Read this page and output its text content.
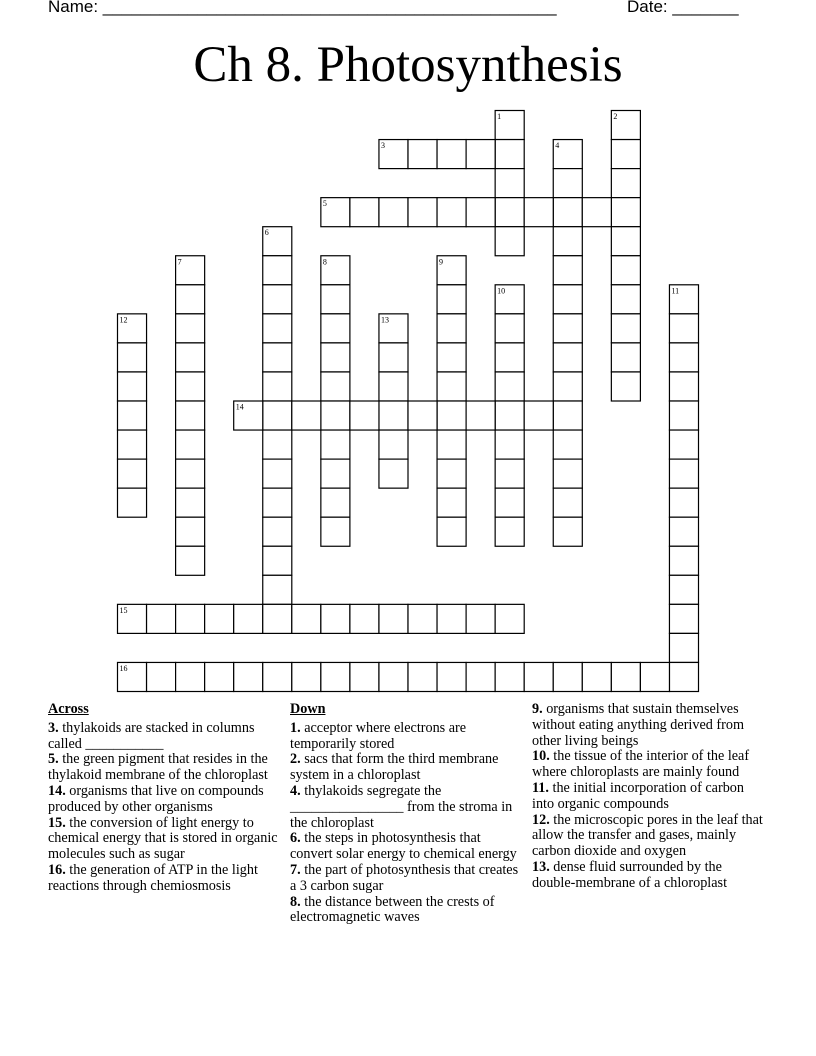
Name: ________________________________________________	Date: _______
Ch 8. Photosynthesis
1	2
3	4
5
6
7	8	9
10	11
12	13
14
15
16
Across
3. thylakoids are stacked in columns called ___________
5. the green pigment that resides in the thylakoid membrane of the chloroplast
14. organisms that live on compounds produced by other organisms
15. the conversion of light energy to chemical energy that is stored in organic molecules such as sugar
16. the generation of ATP in the light reactions through chemiosmosis
Down
1. acceptor where electrons are temporarily stored
2. sacs that form the third membrane system in a chloroplast
4. thylakoids segregate the ________________ from the stroma in the chloroplast
6. the steps in photosynthesis that convert solar energy to chemical energy
7. the part of photosynthesis that creates a 3 carbon sugar
8. the distance between the crests of electromagnetic waves
9. organisms that sustain themselves without eating anything derived from other living beings
10. the tissue of the interior of the leaf where chloroplasts are mainly found
11. the initial incorporation of carbon into organic compounds
12. the microscopic pores in the leaf that allow the transfer and gases, mainly carbon dioxide and oxygen
13. dense fluid surrounded by the double-membrane of a chloroplast
